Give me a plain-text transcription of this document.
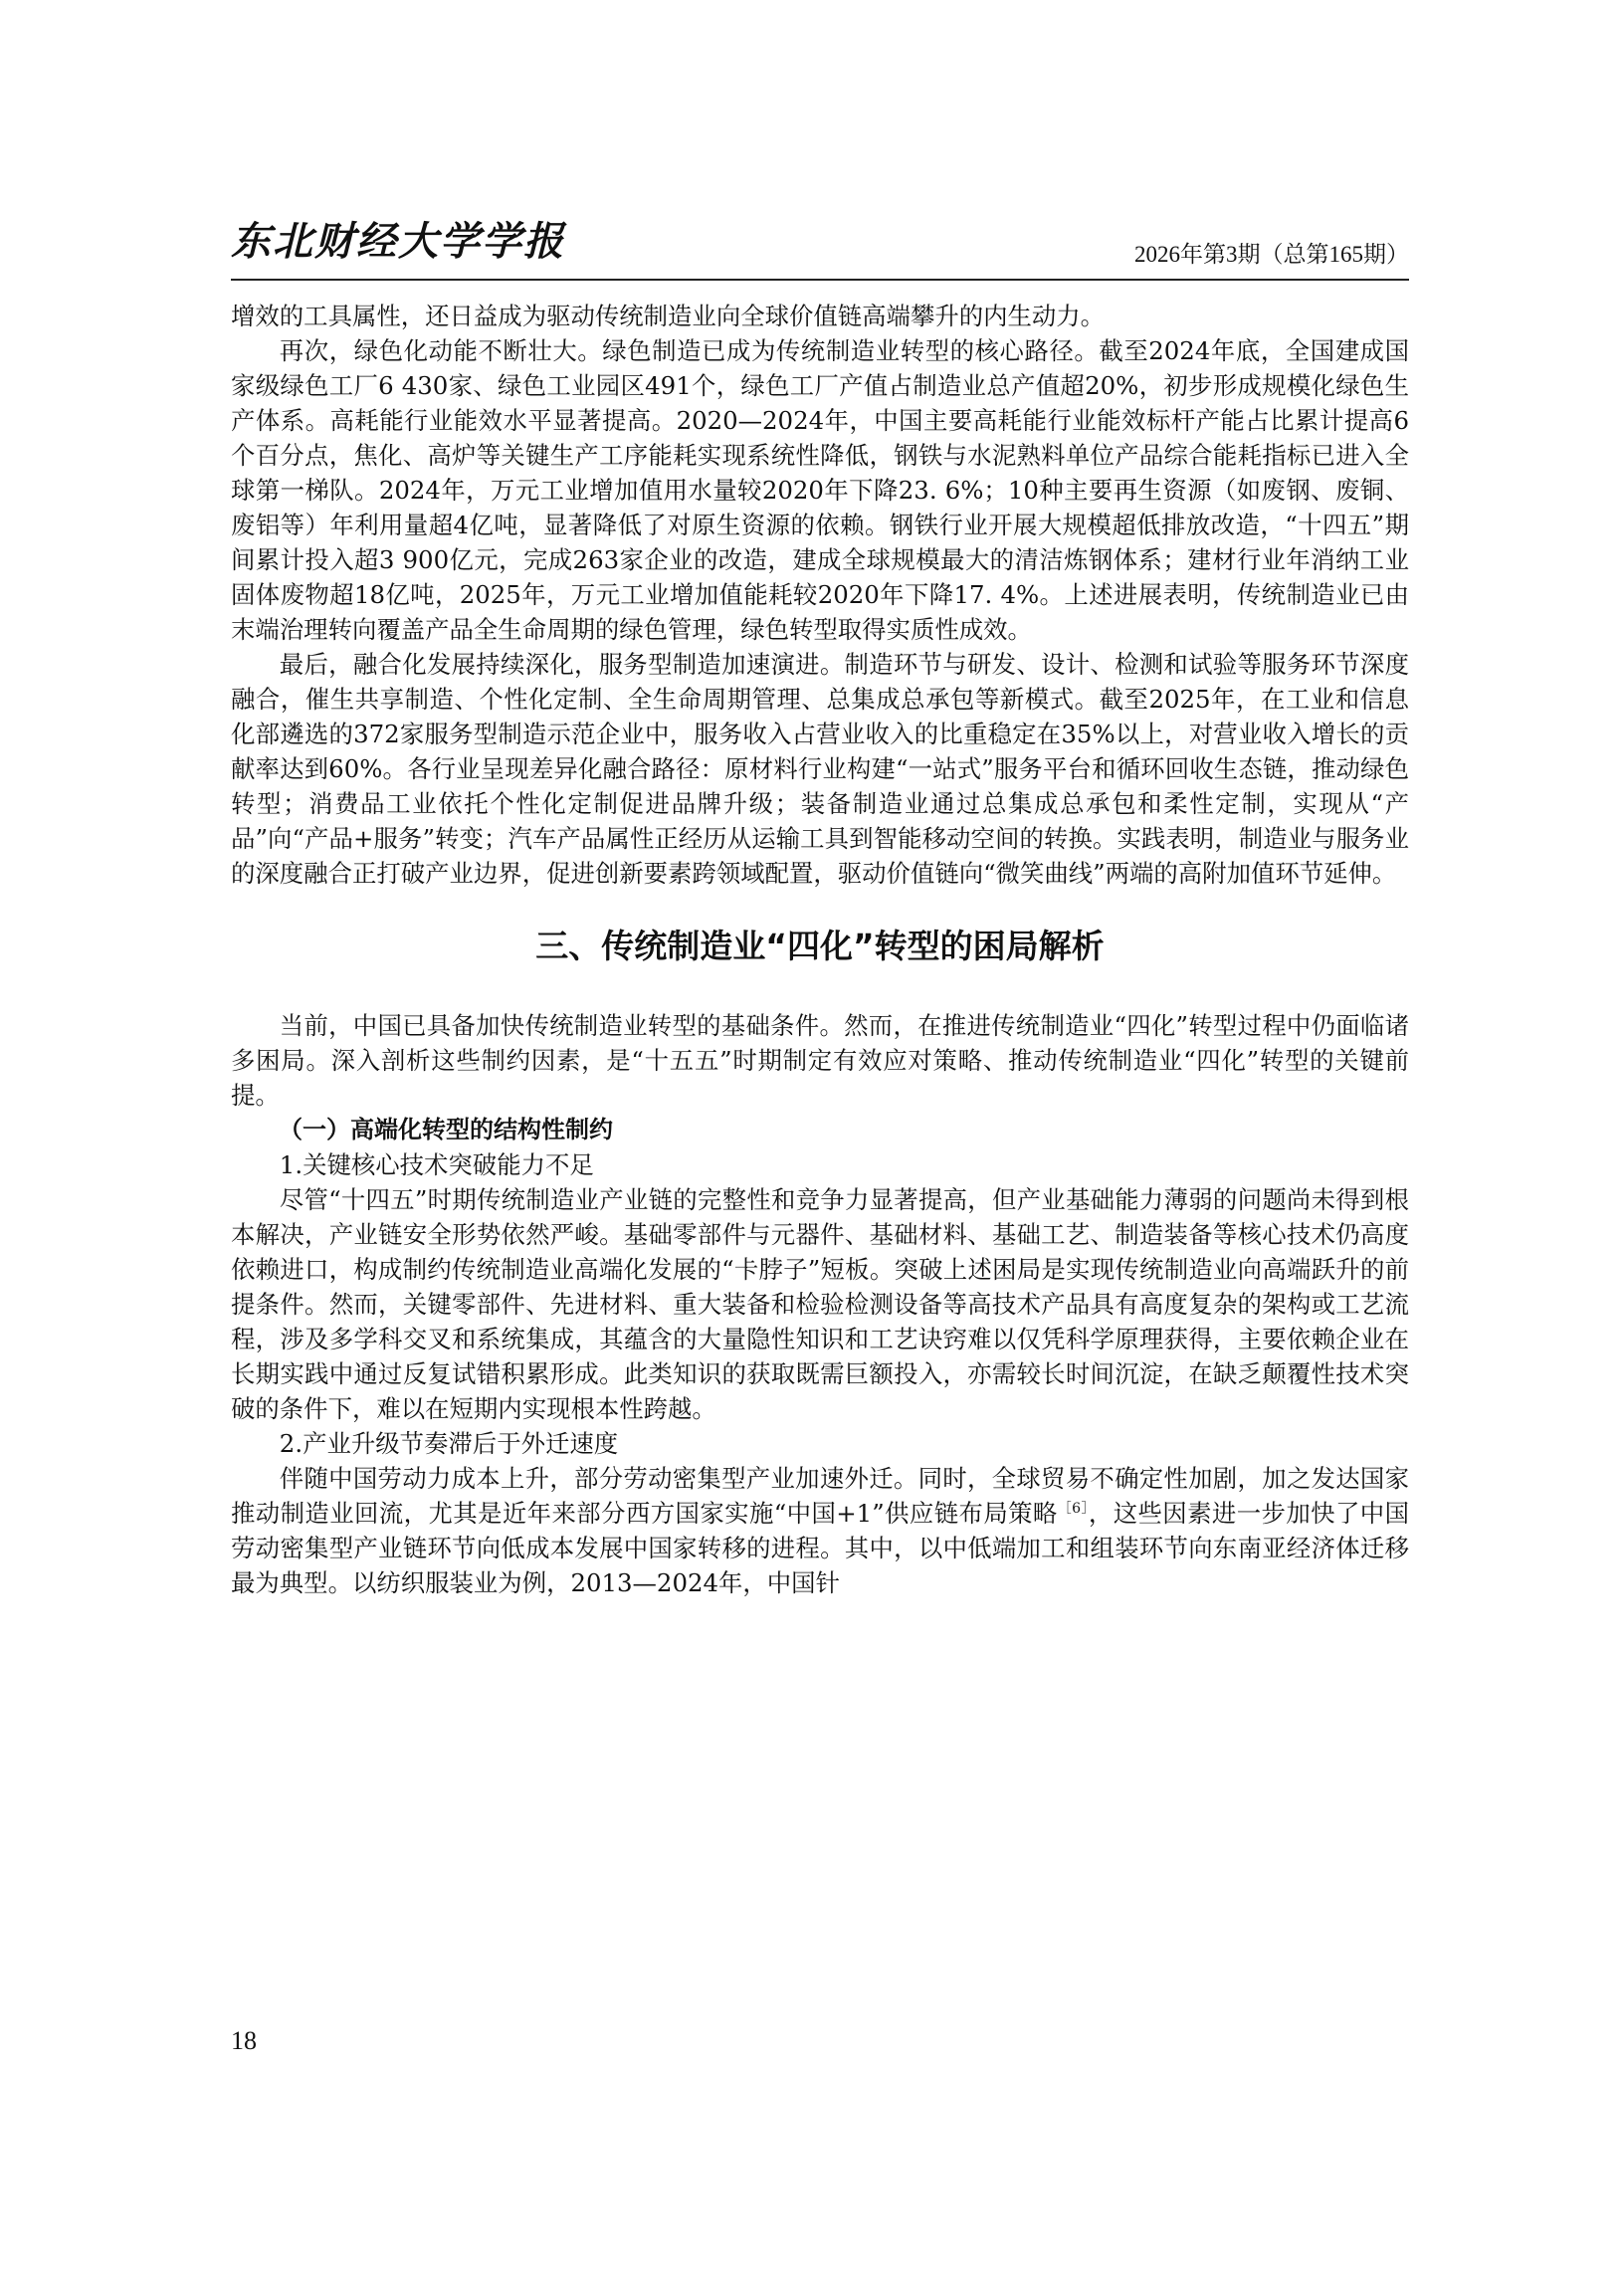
东北财经大学学报	2026年第3期（总第165期）

增效的工具属性，还日益成为驱动传统制造业向全球价值链高端攀升的内生动力。

再次，绿色化动能不断壮大。绿色制造已成为传统制造业转型的核心路径。截至2024年底，全国建成国家级绿色工厂6 430家、绿色工业园区491个，绿色工厂产值占制造业总产值超20%，初步形成规模化绿色生产体系。高耗能行业能效水平显著提高。2020—2024年，中国主要高耗能行业能效标杆产能占比累计提高6个百分点，焦化、高炉等关键生产工序能耗实现系统性降低，钢铁与水泥熟料单位产品综合能耗指标已进入全球第一梯队。2024年，万元工业增加值用水量较2020年下降23. 6%；10种主要再生资源（如废钢、废铜、废铝等）年利用量超4亿吨，显著降低了对原生资源的依赖。钢铁行业开展大规模超低排放改造，“十四五”期间累计投入超3 900亿元，完成263家企业的改造，建成全球规模最大的清洁炼钢体系；建材行业年消纳工业固体废物超18亿吨，2025年，万元工业增加值能耗较2020年下降17. 4%。上述进展表明，传统制造业已由末端治理转向覆盖产品全生命周期的绿色管理，绿色转型取得实质性成效。

最后，融合化发展持续深化，服务型制造加速演进。制造环节与研发、设计、检测和试验等服务环节深度融合，催生共享制造、个性化定制、全生命周期管理、总集成总承包等新模式。截至2025年，在工业和信息化部遴选的372家服务型制造示范企业中，服务收入占营业收入的比重稳定在35%以上，对营业收入增长的贡献率达到60%。各行业呈现差异化融合路径：原材料行业构建“一站式”服务平台和循环回收生态链，推动绿色转型；消费品工业依托个性化定制促进品牌升级；装备制造业通过总集成总承包和柔性定制，实现从“产品”向“产品+服务”转变；汽车产品属性正经历从运输工具到智能移动空间的转换。实践表明，制造业与服务业的深度融合正打破产业边界，促进创新要素跨领域配置，驱动价值链向“微笑曲线”两端的高附加值环节延伸。

三、传统制造业“四化”转型的困局解析

当前，中国已具备加快传统制造业转型的基础条件。然而，在推进传统制造业“四化”转型过程中仍面临诸多困局。深入剖析这些制约因素，是“十五五”时期制定有效应对策略、推动传统制造业“四化”转型的关键前提。

（一）高端化转型的结构性制约

1.关键核心技术突破能力不足

尽管“十四五”时期传统制造业产业链的完整性和竞争力显著提高，但产业基础能力薄弱的问题尚未得到根本解决，产业链安全形势依然严峻。基础零部件与元器件、基础材料、基础工艺、制造装备等核心技术仍高度依赖进口，构成制约传统制造业高端化发展的“卡脖子”短板。突破上述困局是实现传统制造业向高端跃升的前提条件。然而，关键零部件、先进材料、重大装备和检验检测设备等高技术产品具有高度复杂的架构或工艺流程，涉及多学科交叉和系统集成，其蕴含的大量隐性知识和工艺诀窍难以仅凭科学原理获得，主要依赖企业在长期实践中通过反复试错积累形成。此类知识的获取既需巨额投入，亦需较长时间沉淀，在缺乏颠覆性技术突破的条件下，难以在短期内实现根本性跨越。

2.产业升级节奏滞后于外迁速度

伴随中国劳动力成本上升，部分劳动密集型产业加速外迁。同时，全球贸易不确定性加剧，加之发达国家推动制造业回流，尤其是近年来部分西方国家实施“中国+1”供应链布局策略$^{[6]}$，这些因素进一步加快了中国劳动密集型产业链环节向低成本发展中国家转移的进程。其中，以中低端加工和组装环节向东南亚经济体迁移最为典型。以纺织服装业为例，2013—2024年，中国针

18
